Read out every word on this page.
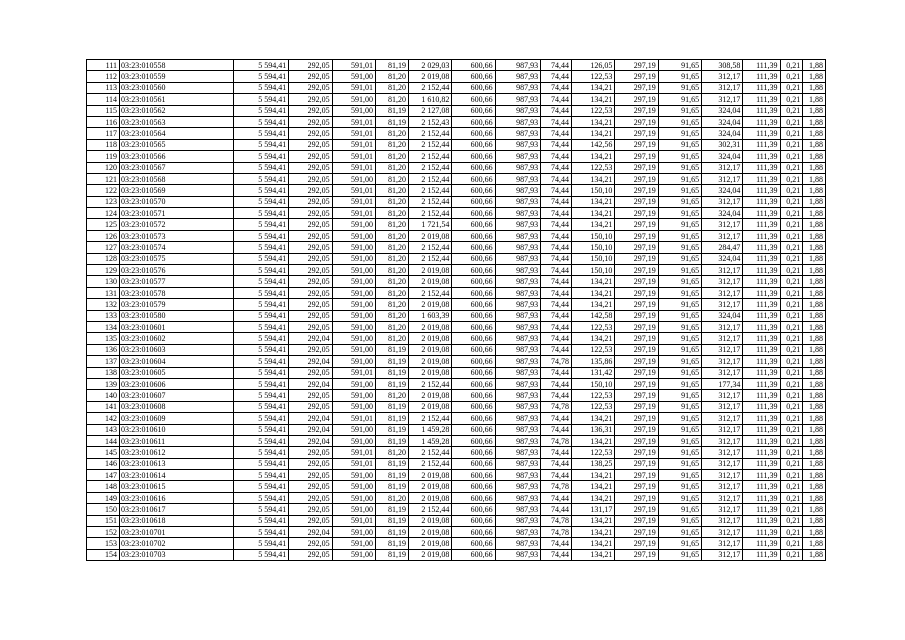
111	03:23:010558	5 594,41	292,05	591,01	81,19	2 029,03	600,66	987,93	74,44	126,05	297,19	91,65	308,58	111,39	0,21	1,88
112	03:23:010559	5 594,41	292,05	591,00	81,20	2 019,08	600,66	987,93	74,44	122,53	297,19	91,65	312,17	111,39	0,21	1,88
113	03:23:010560	5 594,41	292,05	591,01	81,20	2 152,44	600,66	987,93	74,44	134,21	297,19	91,65	312,17	111,39	0,21	1,88
114	03:23:010561	5 594,41	292,05	591,00	81,20	1 610,82	600,66	987,93	74,44	134,21	297,19	91,65	312,17	111,39	0,21	1,88
115	03:23:010562	5 594,41	292,05	591,00	81,19	2 127,08	600,66	987,93	74,44	122,53	297,19	91,65	324,04	111,39	0,21	1,88
116	03:23:010563	5 594,41	292,05	591,01	81,19	2 152,43	600,66	987,93	74,44	134,21	297,19	91,65	324,04	111,39	0,21	1,88
117	03:23:010564	5 594,41	292,05	591,01	81,20	2 152,44	600,66	987,93	74,44	134,21	297,19	91,65	324,04	111,39	0,21	1,88
118	03:23:010565	5 594,41	292,05	591,01	81,20	2 152,44	600,66	987,93	74,44	142,56	297,19	91,65	302,31	111,39	0,21	1,88
119	03:23:010566	5 594,41	292,05	591,01	81,20	2 152,44	600,66	987,93	74,44	134,21	297,19	91,65	324,04	111,39	0,21	1,88
120	03:23:010567	5 594,41	292,05	591,01	81,20	2 152,44	600,66	987,93	74,44	122,53	297,19	91,65	312,17	111,39	0,21	1,88
121	03:23:010568	5 594,41	292,05	591,00	81,20	2 152,44	600,66	987,93	74,44	134,21	297,19	91,65	312,17	111,39	0,21	1,88
122	03:23:010569	5 594,41	292,05	591,01	81,20	2 152,44	600,66	987,93	74,44	150,10	297,19	91,65	324,04	111,39	0,21	1,88
123	03:23:010570	5 594,41	292,05	591,01	81,20	2 152,44	600,66	987,93	74,44	134,21	297,19	91,65	312,17	111,39	0,21	1,88
124	03:23:010571	5 594,41	292,05	591,01	81,20	2 152,44	600,66	987,93	74,44	134,21	297,19	91,65	324,04	111,39	0,21	1,88
125	03:23:010572	5 594,41	292,05	591,00	81,20	1 721,54	600,66	987,93	74,44	134,21	297,19	91,65	312,17	111,39	0,21	1,88
126	03:23:010573	5 594,41	292,05	591,00	81,20	2 019,08	600,66	987,93	74,44	150,10	297,19	91,65	312,17	111,39	0,21	1,88
127	03:23:010574	5 594,41	292,05	591,00	81,20	2 152,44	600,66	987,93	74,44	150,10	297,19	91,65	284,47	111,39	0,21	1,88
128	03:23:010575	5 594,41	292,05	591,00	81,20	2 152,44	600,66	987,93	74,44	150,10	297,19	91,65	324,04	111,39	0,21	1,88
129	03:23:010576	5 594,41	292,05	591,00	81,20	2 019,08	600,66	987,93	74,44	150,10	297,19	91,65	312,17	111,39	0,21	1,88
130	03:23:010577	5 594,41	292,05	591,00	81,20	2 019,08	600,66	987,93	74,44	134,21	297,19	91,65	312,17	111,39	0,21	1,88
131	03:23:010578	5 594,41	292,05	591,00	81,20	2 152,44	600,66	987,93	74,44	134,21	297,19	91,65	312,17	111,39	0,21	1,88
132	03:23:010579	5 594,41	292,05	591,00	81,20	2 019,08	600,66	987,93	74,44	134,21	297,19	91,65	312,17	111,39	0,21	1,88
133	03:23:010580	5 594,41	292,05	591,00	81,20	1 603,39	600,66	987,93	74,44	142,58	297,19	91,65	324,04	111,39	0,21	1,88
134	03:23:010601	5 594,41	292,05	591,00	81,20	2 019,08	600,66	987,93	74,44	122,53	297,19	91,65	312,17	111,39	0,21	1,88
135	03:23:010602	5 594,41	292,04	591,00	81,20	2 019,08	600,66	987,93	74,44	134,21	297,19	91,65	312,17	111,39	0,21	1,88
136	03:23:010603	5 594,41	292,05	591,00	81,19	2 019,08	600,66	987,93	74,44	122,53	297,19	91,65	312,17	111,39	0,21	1,88
137	03:23:010604	5 594,41	292,04	591,00	81,19	2 019,08	600,66	987,93	74,78	135,86	297,19	91,65	312,17	111,39	0,21	1,88
138	03:23:010605	5 594,41	292,05	591,01	81,19	2 019,08	600,66	987,93	74,44	131,42	297,19	91,65	312,17	111,39	0,21	1,88
139	03:23:010606	5 594,41	292,04	591,00	81,19	2 152,44	600,66	987,93	74,44	150,10	297,19	91,65	177,34	111,39	0,21	1,88
140	03:23:010607	5 594,41	292,05	591,00	81,20	2 019,08	600,66	987,93	74,44	122,53	297,19	91,65	312,17	111,39	0,21	1,88
141	03:23:010608	5 594,41	292,05	591,00	81,19	2 019,08	600,66	987,93	74,78	122,53	297,19	91,65	312,17	111,39	0,21	1,88
142	03:23:010609	5 594,41	292,04	591,01	81,19	2 152,44	600,66	987,93	74,44	134,21	297,19	91,65	312,17	111,39	0,21	1,88
143	03:23:010610	5 594,41	292,04	591,00	81,19	1 459,28	600,66	987,93	74,44	136,31	297,19	91,65	312,17	111,39	0,21	1,88
144	03:23:010611	5 594,41	292,04	591,00	81,19	1 459,28	600,66	987,93	74,78	134,21	297,19	91,65	312,17	111,39	0,21	1,88
145	03:23:010612	5 594,41	292,05	591,01	81,20	2 152,44	600,66	987,93	74,44	122,53	297,19	91,65	312,17	111,39	0,21	1,88
146	03:23:010613	5 594,41	292,05	591,01	81,19	2 152,44	600,66	987,93	74,44	138,25	297,19	91,65	312,17	111,39	0,21	1,88
147	03:23:010614	5 594,41	292,05	591,00	81,19	2 019,08	600,66	987,93	74,44	134,21	297,19	91,65	312,17	111,39	0,21	1,88
148	03:23:010615	5 594,41	292,05	591,00	81,19	2 019,08	600,66	987,93	74,78	134,21	297,19	91,65	312,17	111,39	0,21	1,88
149	03:23:010616	5 594,41	292,05	591,00	81,20	2 019,08	600,66	987,93	74,44	134,21	297,19	91,65	312,17	111,39	0,21	1,88
150	03:23:010617	5 594,41	292,05	591,00	81,19	2 152,44	600,66	987,93	74,44	131,17	297,19	91,65	312,17	111,39	0,21	1,88
151	03:23:010618	5 594,41	292,05	591,01	81,19	2 019,08	600,66	987,93	74,78	134,21	297,19	91,65	312,17	111,39	0,21	1,88
152	03:23:010701	5 594,41	292,04	591,00	81,19	2 019,08	600,66	987,93	74,78	134,21	297,19	91,65	312,17	111,39	0,21	1,88
153	03:23:010702	5 594,41	292,05	591,00	81,19	2 019,08	600,66	987,93	74,44	134,21	297,19	91,65	312,17	111,39	0,21	1,88
154	03:23:010703	5 594,41	292,05	591,00	81,19	2 019,08	600,66	987,93	74,44	134,21	297,19	91,65	312,17	111,39	0,21	1,88
